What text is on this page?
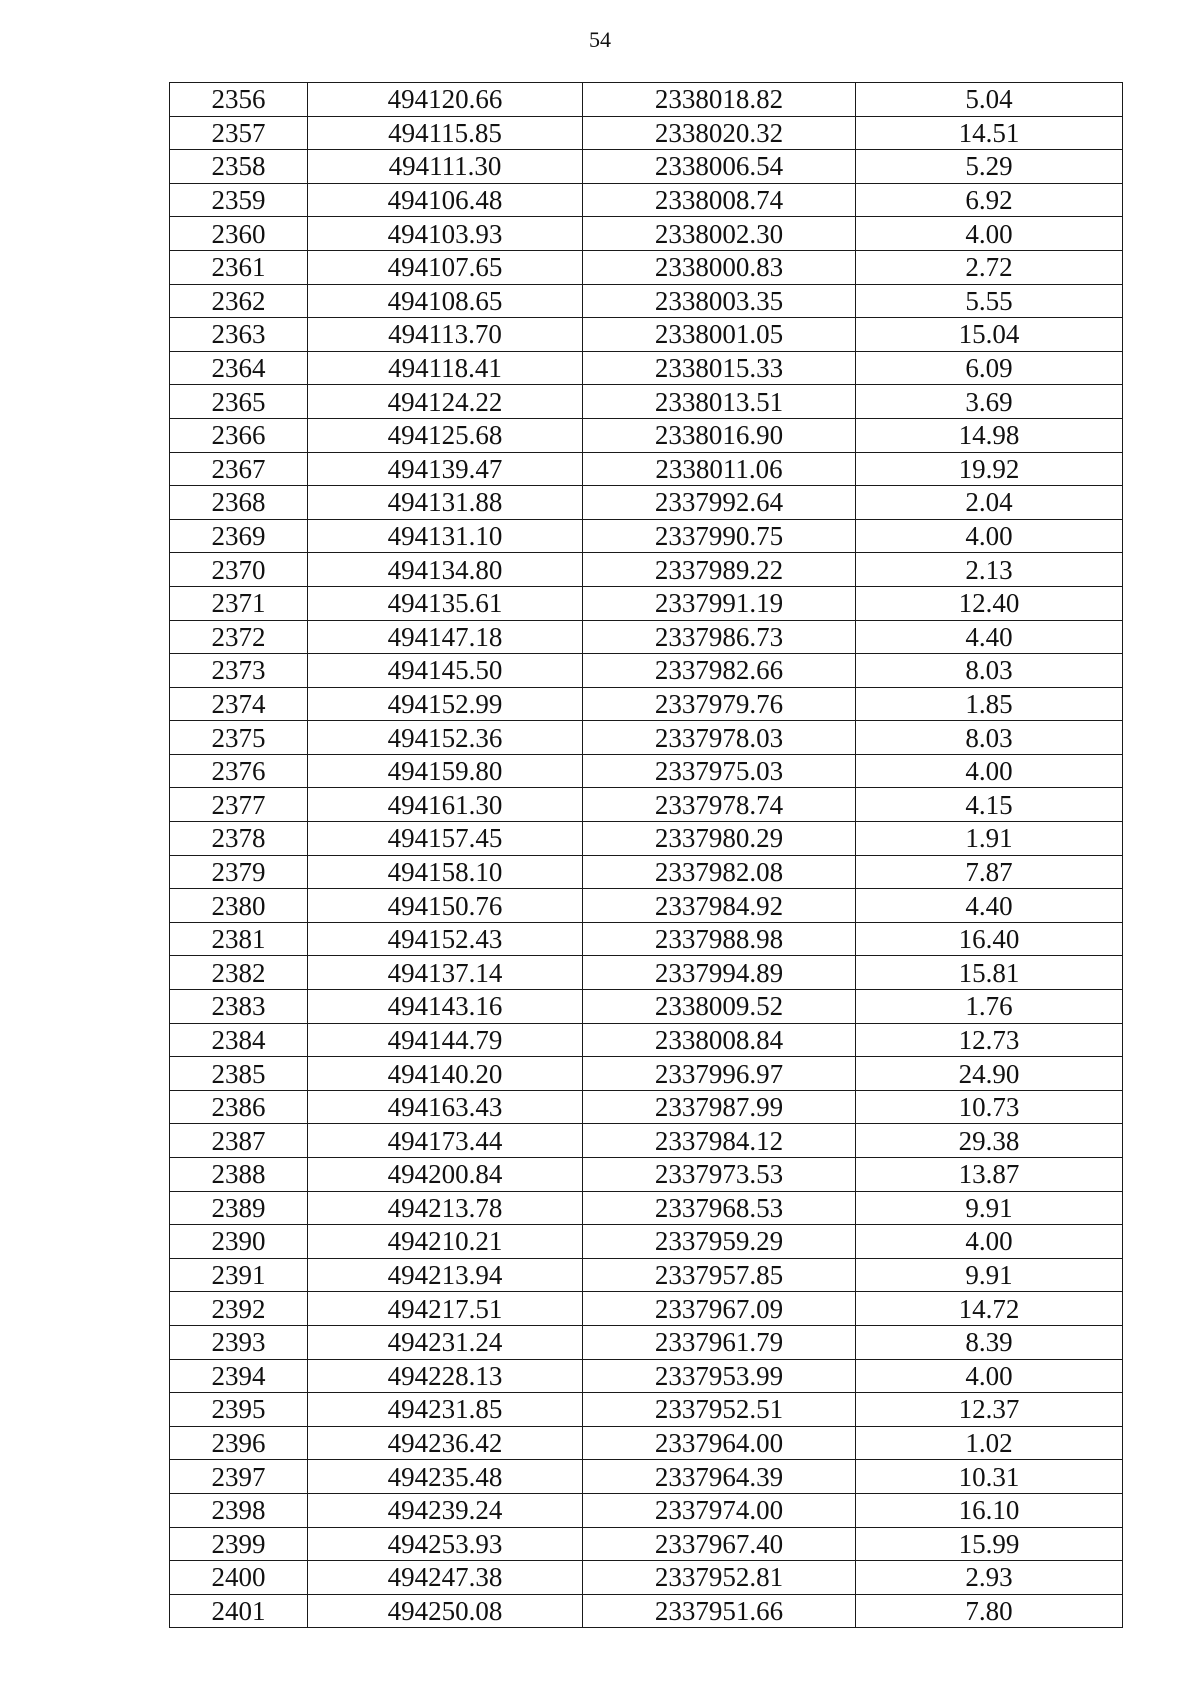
54
2356	494120.66	2338018.82	5.04
2357	494115.85	2338020.32	14.51
2358	494111.30	2338006.54	5.29
2359	494106.48	2338008.74	6.92
2360	494103.93	2338002.30	4.00
2361	494107.65	2338000.83	2.72
2362	494108.65	2338003.35	5.55
2363	494113.70	2338001.05	15.04
2364	494118.41	2338015.33	6.09
2365	494124.22	2338013.51	3.69
2366	494125.68	2338016.90	14.98
2367	494139.47	2338011.06	19.92
2368	494131.88	2337992.64	2.04
2369	494131.10	2337990.75	4.00
2370	494134.80	2337989.22	2.13
2371	494135.61	2337991.19	12.40
2372	494147.18	2337986.73	4.40
2373	494145.50	2337982.66	8.03
2374	494152.99	2337979.76	1.85
2375	494152.36	2337978.03	8.03
2376	494159.80	2337975.03	4.00
2377	494161.30	2337978.74	4.15
2378	494157.45	2337980.29	1.91
2379	494158.10	2337982.08	7.87
2380	494150.76	2337984.92	4.40
2381	494152.43	2337988.98	16.40
2382	494137.14	2337994.89	15.81
2383	494143.16	2338009.52	1.76
2384	494144.79	2338008.84	12.73
2385	494140.20	2337996.97	24.90
2386	494163.43	2337987.99	10.73
2387	494173.44	2337984.12	29.38
2388	494200.84	2337973.53	13.87
2389	494213.78	2337968.53	9.91
2390	494210.21	2337959.29	4.00
2391	494213.94	2337957.85	9.91
2392	494217.51	2337967.09	14.72
2393	494231.24	2337961.79	8.39
2394	494228.13	2337953.99	4.00
2395	494231.85	2337952.51	12.37
2396	494236.42	2337964.00	1.02
2397	494235.48	2337964.39	10.31
2398	494239.24	2337974.00	16.10
2399	494253.93	2337967.40	15.99
2400	494247.38	2337952.81	2.93
2401	494250.08	2337951.66	7.80
